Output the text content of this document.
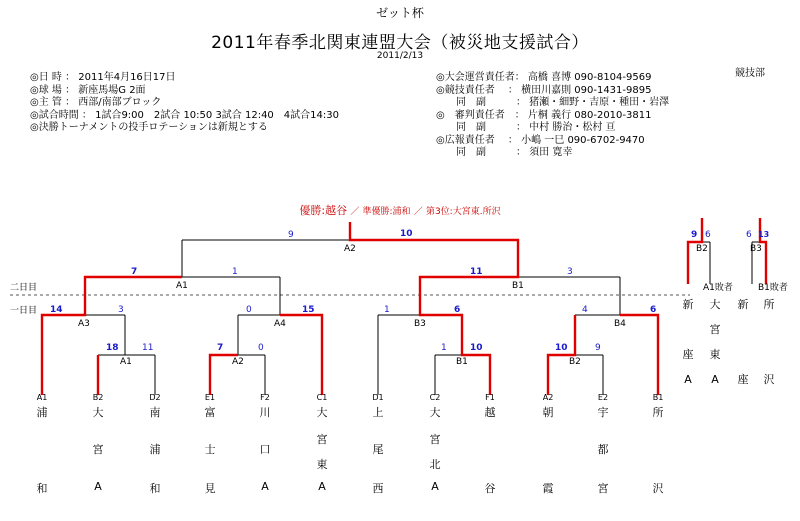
ゼット杯
2011年春季北関東連盟大会（被災地支援試合）
2011/2/13
競技部
◎日 時 ： 2011年4月16日17日
◎球 場 ： 新座馬場G 2面
◎主 管 ： 西部/南部ブロック
◎試合時間 ： 1試合9:00　2試合 10:50 3試合 12:40　4試合14:30
◎決勝トーナメントの投手ロテーションは新規とする
◎大会運営責任者： 高橋 喜博 090-8104-9569
◎競技責任者　 ： 横田川嘉則 090-1431-9895
　　同　副　　　： 猪瀬・細野・吉原・種田・岩澤
◎　審判責任者　： 片桐 義行 080-2010-3811
　　同　副　　　： 中村 勝治・松村 亘
◎広報責任者　 ： 小嶋 一巳 090-6702-9470
　　同　副　　　： 須田 寛幸
優勝:越谷 ／ 準優勝:浦和 ／ 第3位:大宮東.所沢
二日目
一日目
A2
A1	B1
A3	A4	B3	B4
A1	A2	B1	B2
B2	B3
9	10
7	1	11	3
14	3	0	15	1	6	4	6
18	11	7	0	1	10	10	9
9 6	6 13
A1敗者	B1敗者
新
座
A
大
宮
東
A
新
座
所
沢
A1
浦
和
B2
大
宮
A
D2
南
浦
和
E1
富
士
見
F2
川
口
A
C1
大
宮
東
A
D1
上
尾
西
C2
大
宮
北
A
F1
越
谷
A2
朝
霞
E2
宇
都
宮
B1
所
沢
